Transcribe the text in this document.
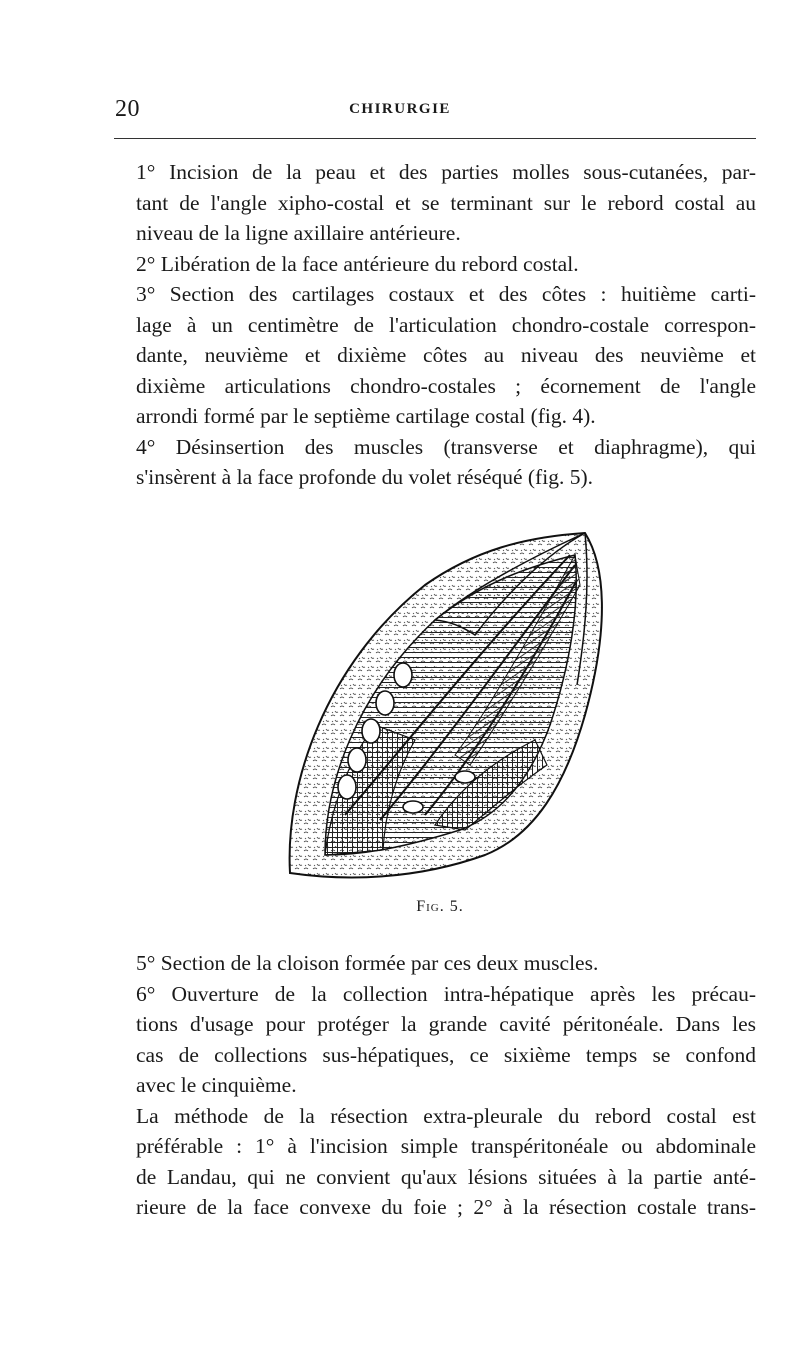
20	CHIRURGIE

1° Incision de la peau et des parties molles sous-cutanées, par-
tant de l'angle xipho-costal et se terminant sur le rebord costal au
niveau de la ligne axillaire antérieure.

2° Libération de la face antérieure du rebord costal.

3° Section des cartilages costaux et des côtes : huitième carti-
lage à un centimètre de l'articulation chondro-costale correspon-
dante, neuvième et dixième côtes au niveau des neuvième et
dixième articulations chondro-costales ; écornement de l'angle
arrondi formé par le septième cartilage costal (fig. 4).

4° Désinsertion des muscles (transverse et diaphragme), qui
s'insèrent à la face profonde du volet réséqué (fig. 5).

Fig. 5.

5° Section de la cloison formée par ces deux muscles.

6° Ouverture de la collection intra-hépatique après les précau-
tions d'usage pour protéger la grande cavité péritonéale. Dans les
cas de collections sus-hépatiques, ce sixième temps se confond
avec le cinquième.

La méthode de la résection extra-pleurale du rebord costal est
préférable : 1° à l'incision simple transpéritonéale ou abdominale
de Landau, qui ne convient qu'aux lésions situées à la partie anté-
rieure de la face convexe du foie ; 2° à la résection costale trans-
